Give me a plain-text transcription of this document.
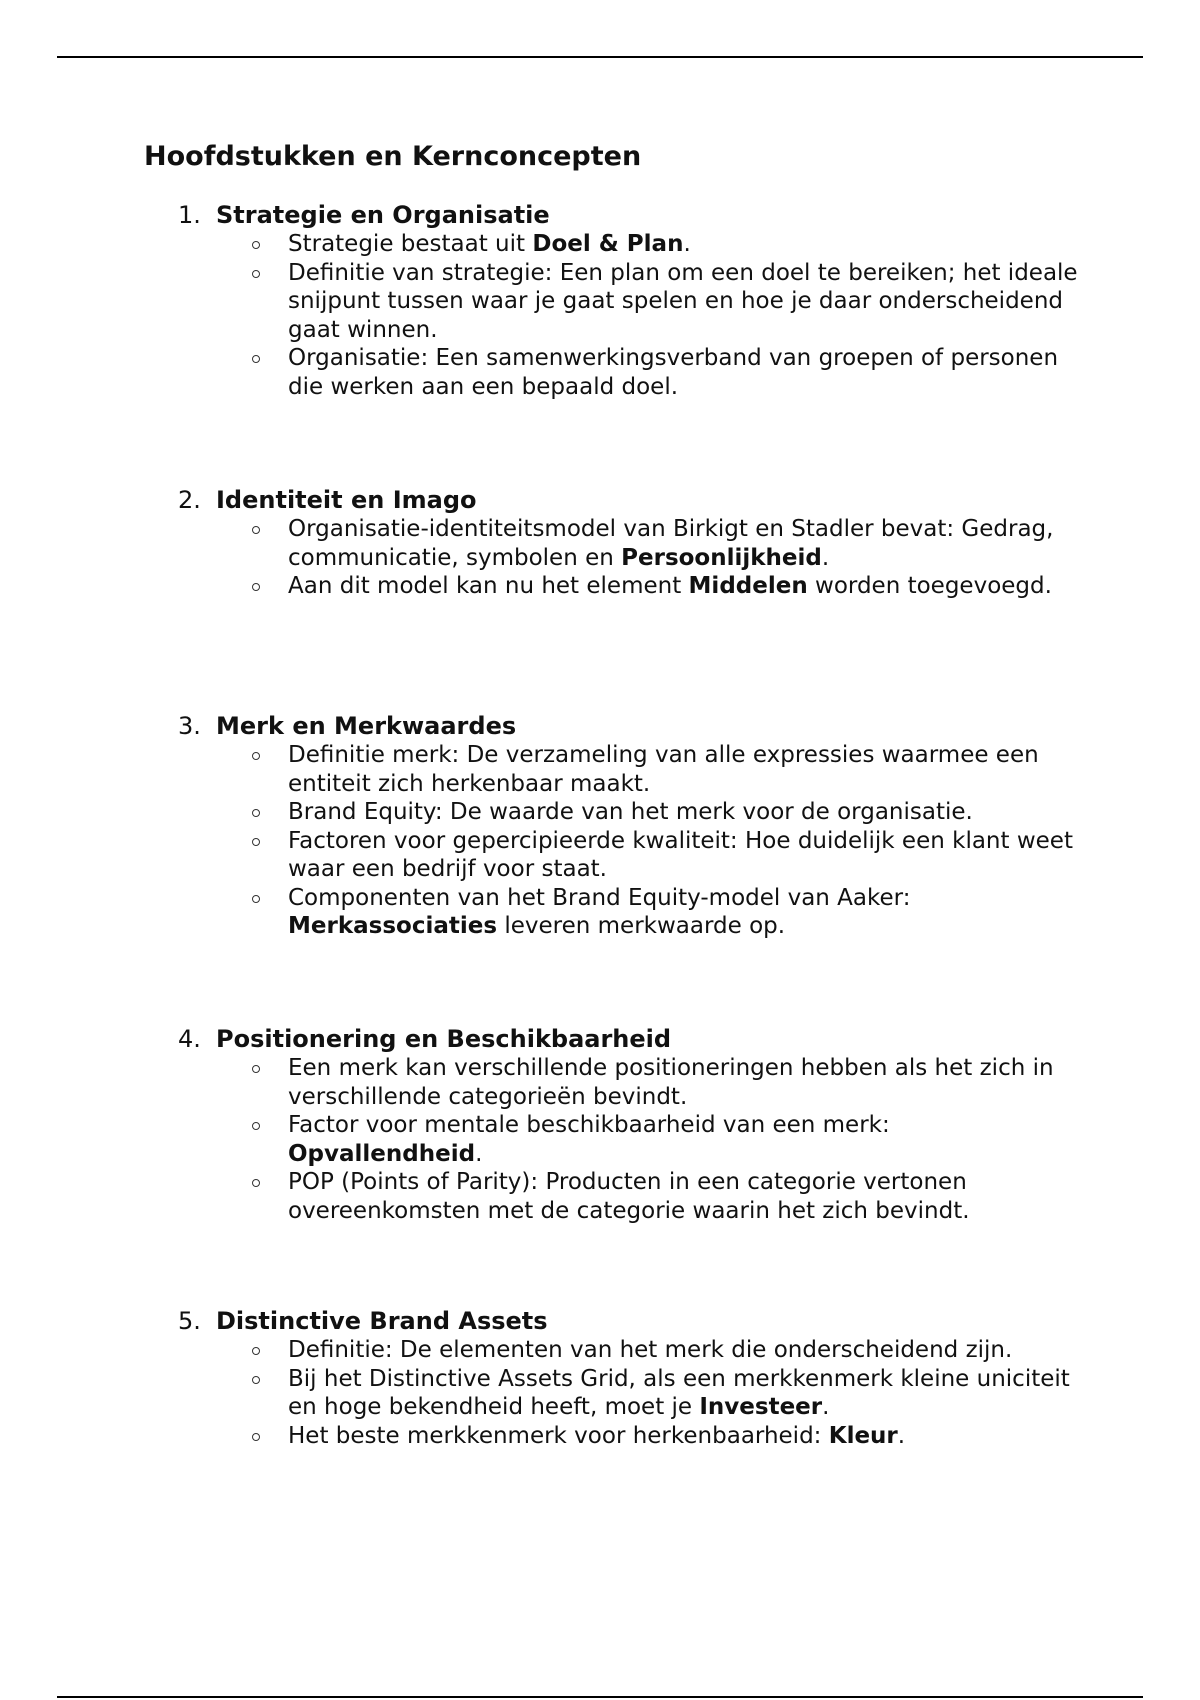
Hoofdstukken en Kernconcepten
1. Strategie en Organisatie
Strategie bestaat uit Doel & Plan.
Definitie van strategie: Een plan om een doel te bereiken; het ideale snijpunt tussen waar je gaat spelen en hoe je daar onderscheidend gaat winnen.
Organisatie: Een samenwerkingsverband van groepen of personen die werken aan een bepaald doel.
2. Identiteit en Imago
Organisatie-identiteitsmodel van Birkigt en Stadler bevat: Gedrag, communicatie, symbolen en Persoonlijkheid.
Aan dit model kan nu het element Middelen worden toegevoegd.
3. Merk en Merkwaardes
Definitie merk: De verzameling van alle expressies waarmee een entiteit zich herkenbaar maakt.
Brand Equity: De waarde van het merk voor de organisatie.
Factoren voor gepercipieerde kwaliteit: Hoe duidelijk een klant weet waar een bedrijf voor staat.
Componenten van het Brand Equity-model van Aaker: Merkassociaties leveren merkwaarde op.
4. Positionering en Beschikbaarheid
Een merk kan verschillende positioneringen hebben als het zich in verschillende categorieën bevindt.
Factor voor mentale beschikbaarheid van een merk: Opvallendheid.
POP (Points of Parity): Producten in een categorie vertonen overeenkomsten met de categorie waarin het zich bevindt.
5. Distinctive Brand Assets
Definitie: De elementen van het merk die onderscheidend zijn.
Bij het Distinctive Assets Grid, als een merkkenmerk kleine uniciteit en hoge bekendheid heeft, moet je Investeer.
Het beste merkkenmerk voor herkenbaarheid: Kleur.
